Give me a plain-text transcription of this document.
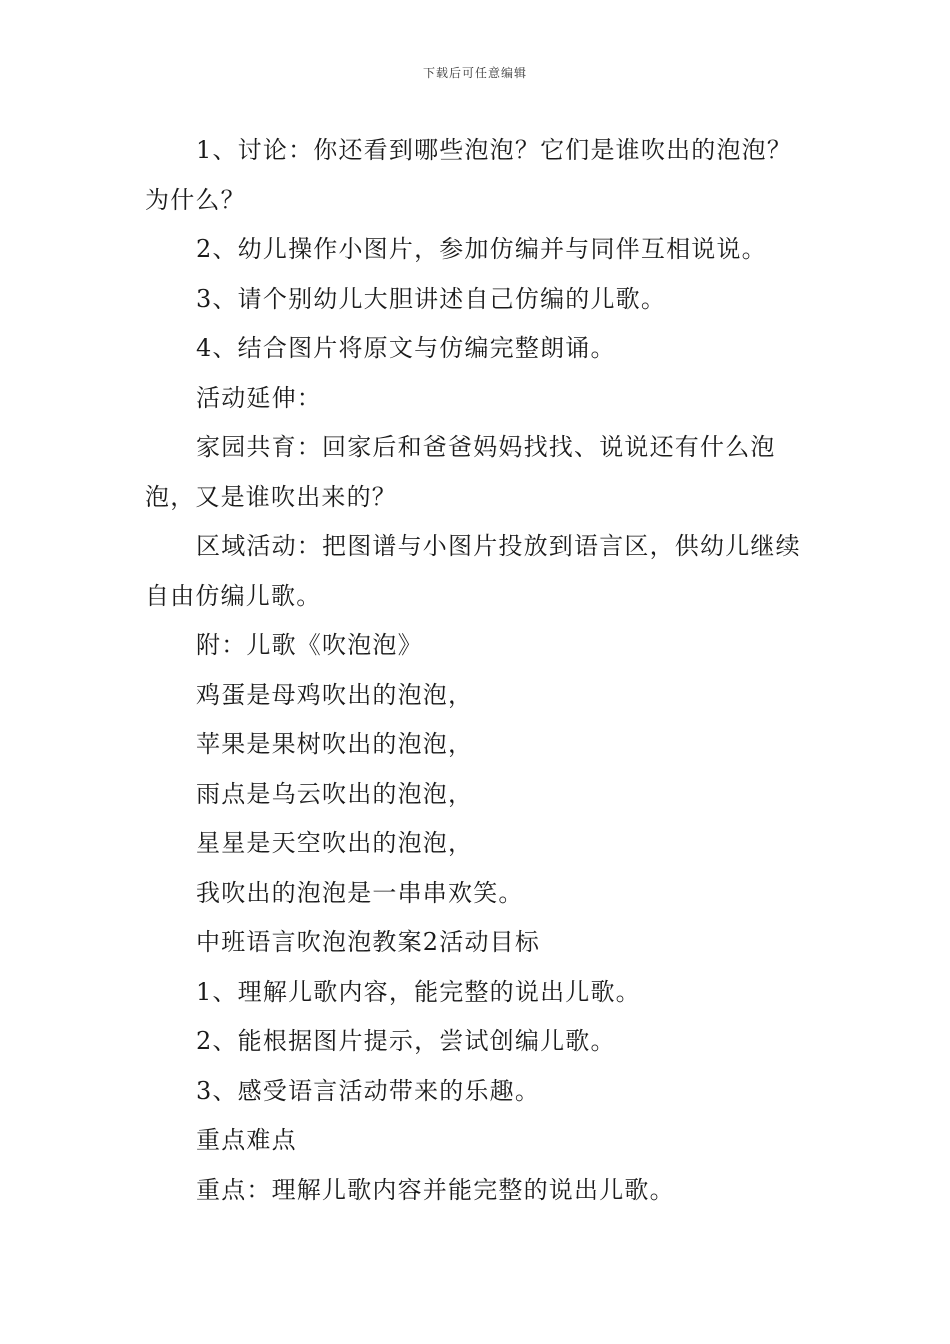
下载后可任意编辑

1、讨论：你还看到哪些泡泡？它们是谁吹出的泡泡？为什么？

2、幼儿操作小图片，参加仿编并与同伴互相说说。

3、请个别幼儿大胆讲述自己仿编的儿歌。

4、结合图片将原文与仿编完整朗诵。

活动延伸：

家园共育：回家后和爸爸妈妈找找、说说还有什么泡泡，又是谁吹出来的？

区域活动：把图谱与小图片投放到语言区，供幼儿继续自由仿编儿歌。

附：儿歌《吹泡泡》

鸡蛋是母鸡吹出的泡泡，

苹果是果树吹出的泡泡，

雨点是乌云吹出的泡泡，

星星是天空吹出的泡泡，

我吹出的泡泡是一串串欢笑。

中班语言吹泡泡教案2活动目标

1、理解儿歌内容，能完整的说出儿歌。

2、能根据图片提示，尝试创编儿歌。

3、感受语言活动带来的乐趣。

重点难点

重点：理解儿歌内容并能完整的说出儿歌。
